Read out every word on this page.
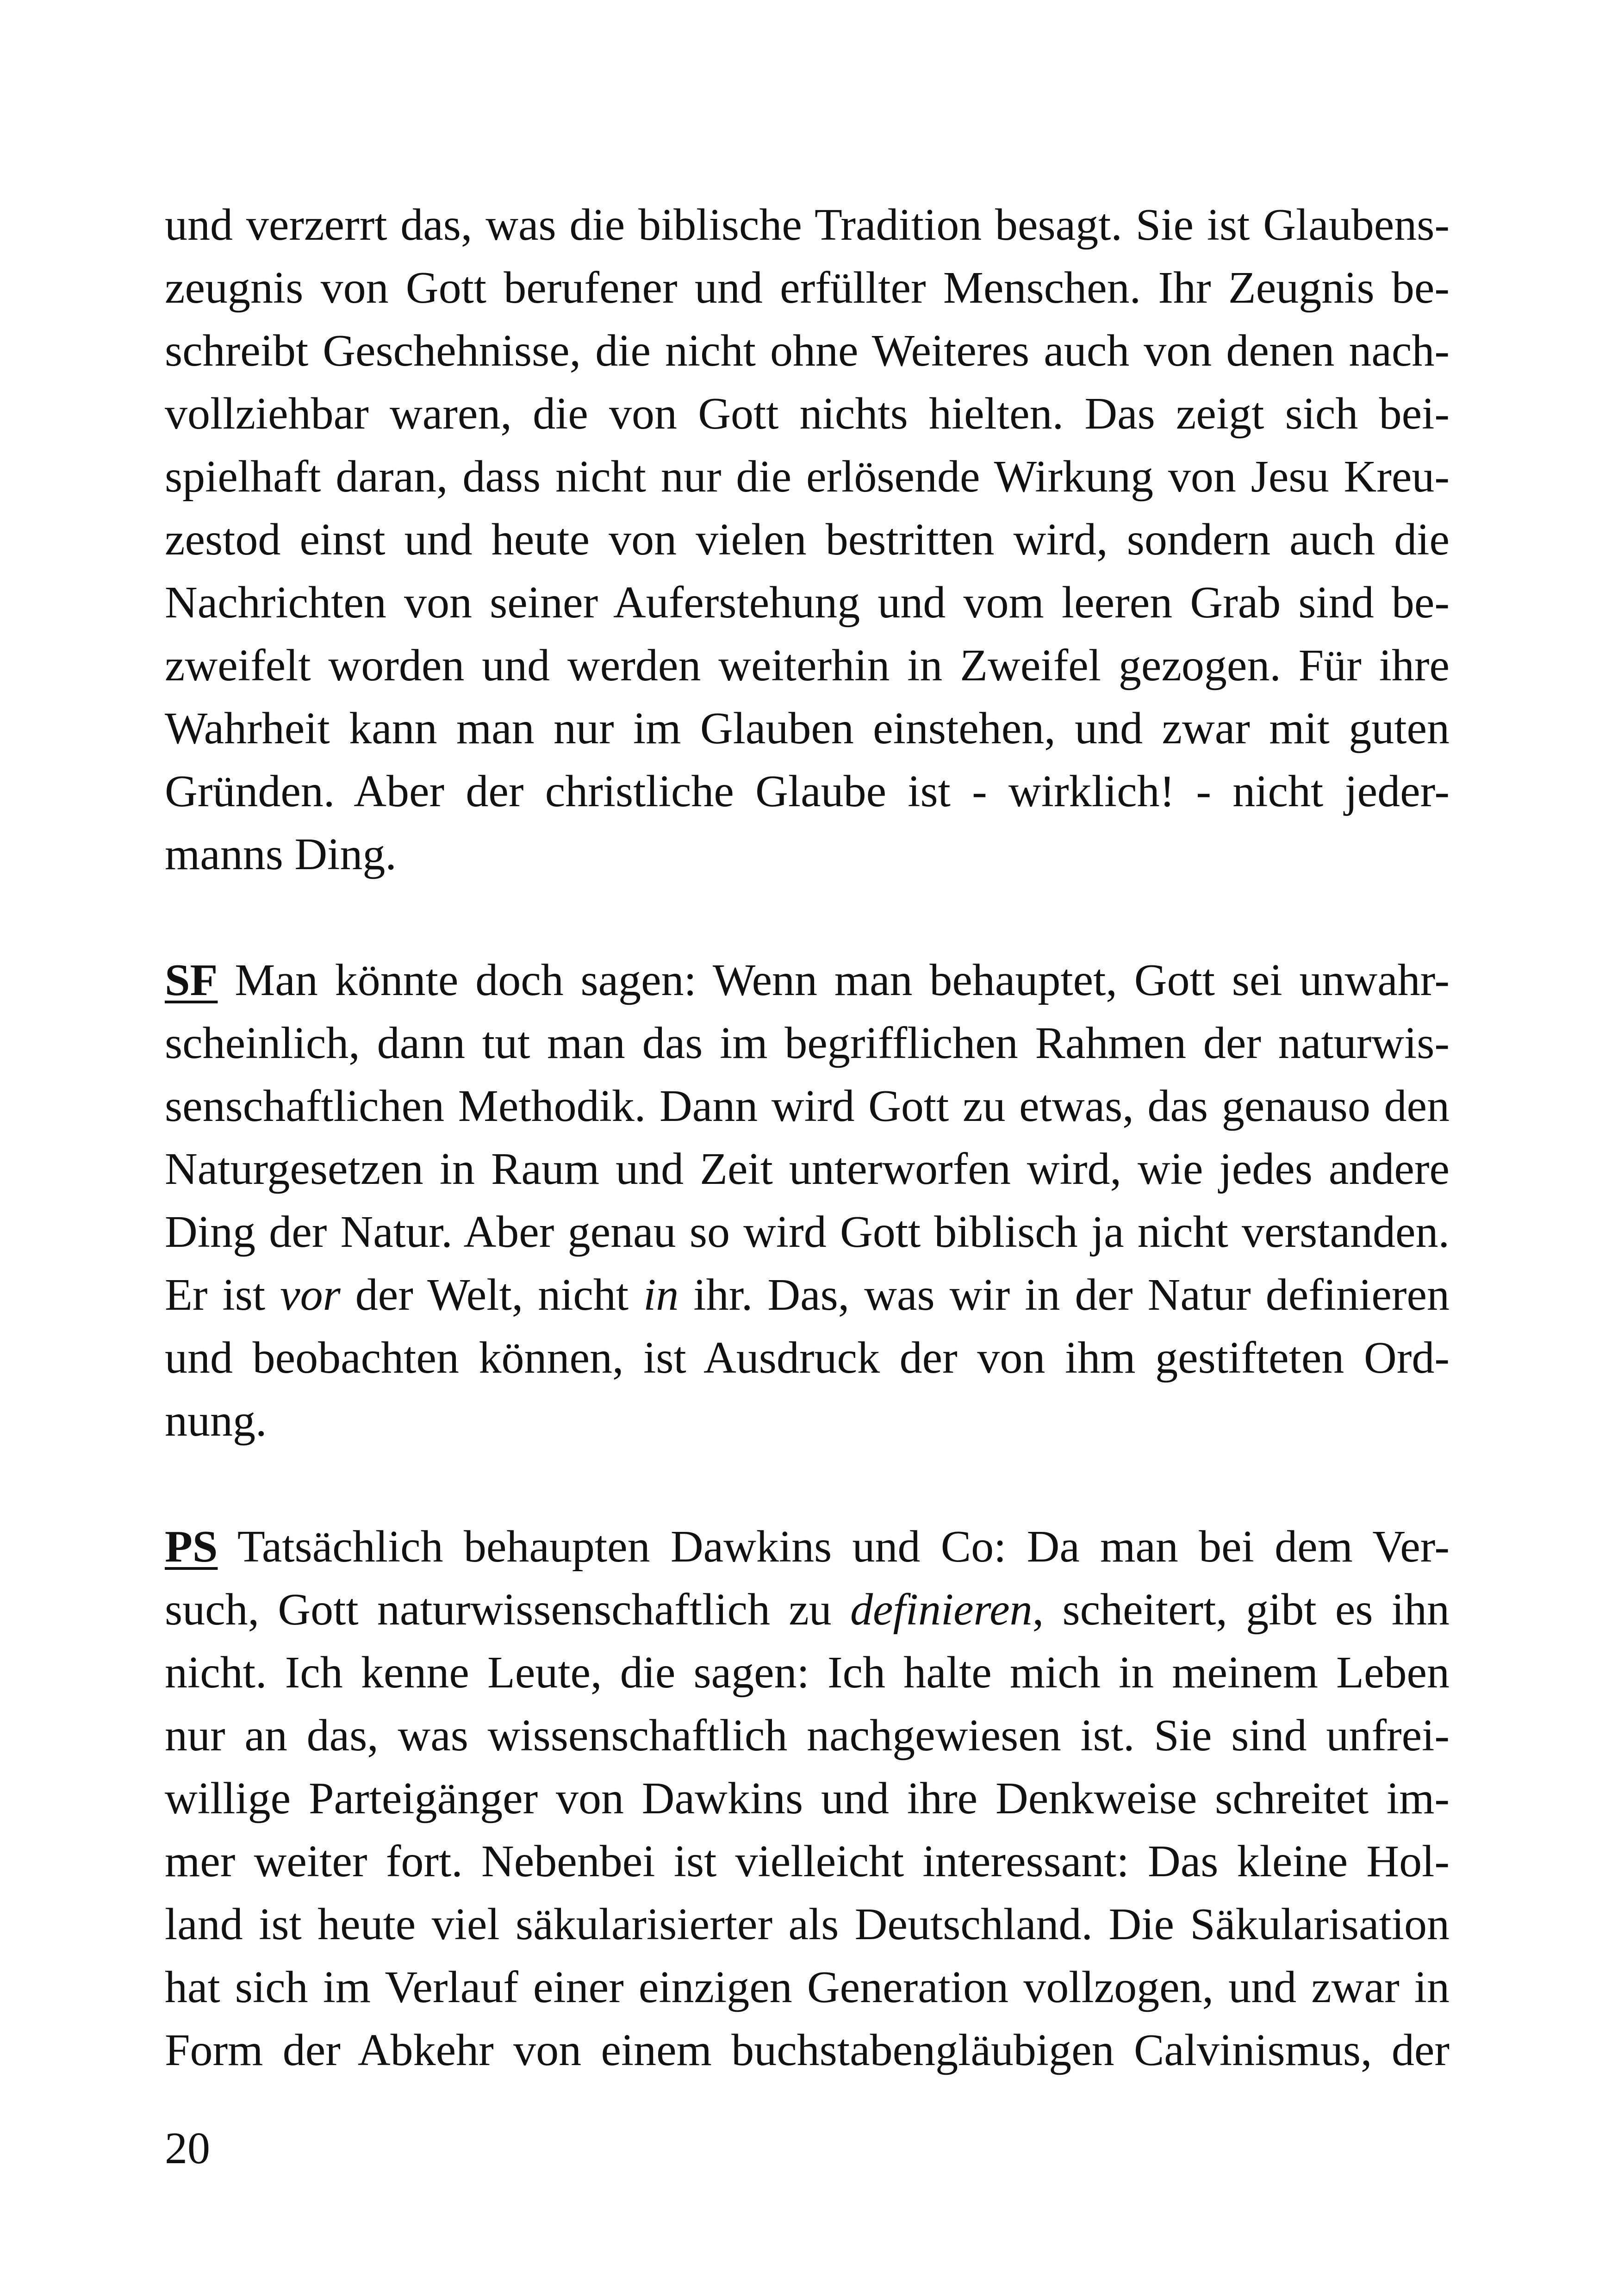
und verzerrt das, was die biblische Tradition besagt. Sie ist Glaubens-
zeugnis von Gott berufener und erfüllter Menschen. Ihr Zeugnis be-
schreibt Geschehnisse, die nicht ohne Weiteres auch von denen nach-
vollziehbar waren, die von Gott nichts hielten. Das zeigt sich bei-
spielhaft daran, dass nicht nur die erlösende Wirkung von Jesu Kreu-
zestod einst und heute von vielen bestritten wird, sondern auch die
Nachrichten von seiner Auferstehung und vom leeren Grab sind be-
zweifelt worden und werden weiterhin in Zweifel gezogen. Für ihre
Wahrheit kann man nur im Glauben einstehen, und zwar mit guten
Gründen. Aber der christliche Glaube ist - wirklich! - nicht jeder-
manns Ding.
SF Man könnte doch sagen: Wenn man behauptet, Gott sei unwahr-
scheinlich, dann tut man das im begrifflichen Rahmen der naturwis-
senschaftlichen Methodik. Dann wird Gott zu etwas, das genauso den
Naturgesetzen in Raum und Zeit unterworfen wird, wie jedes andere
Ding der Natur. Aber genau so wird Gott biblisch ja nicht verstanden.
Er ist vor der Welt, nicht in ihr. Das, was wir in der Natur definieren
und beobachten können, ist Ausdruck der von ihm gestifteten Ord-
nung.
PS Tatsächlich behaupten Dawkins und Co: Da man bei dem Ver-
such, Gott naturwissenschaftlich zu definieren, scheitert, gibt es ihn
nicht. Ich kenne Leute, die sagen: Ich halte mich in meinem Leben
nur an das, was wissenschaftlich nachgewiesen ist. Sie sind unfrei-
willige Parteigänger von Dawkins und ihre Denkweise schreitet im-
mer weiter fort. Nebenbei ist vielleicht interessant: Das kleine Hol-
land ist heute viel säkularisierter als Deutschland. Die Säkularisation
hat sich im Verlauf einer einzigen Generation vollzogen, und zwar in
Form der Abkehr von einem buchstabengläubigen Calvinismus, der
20
